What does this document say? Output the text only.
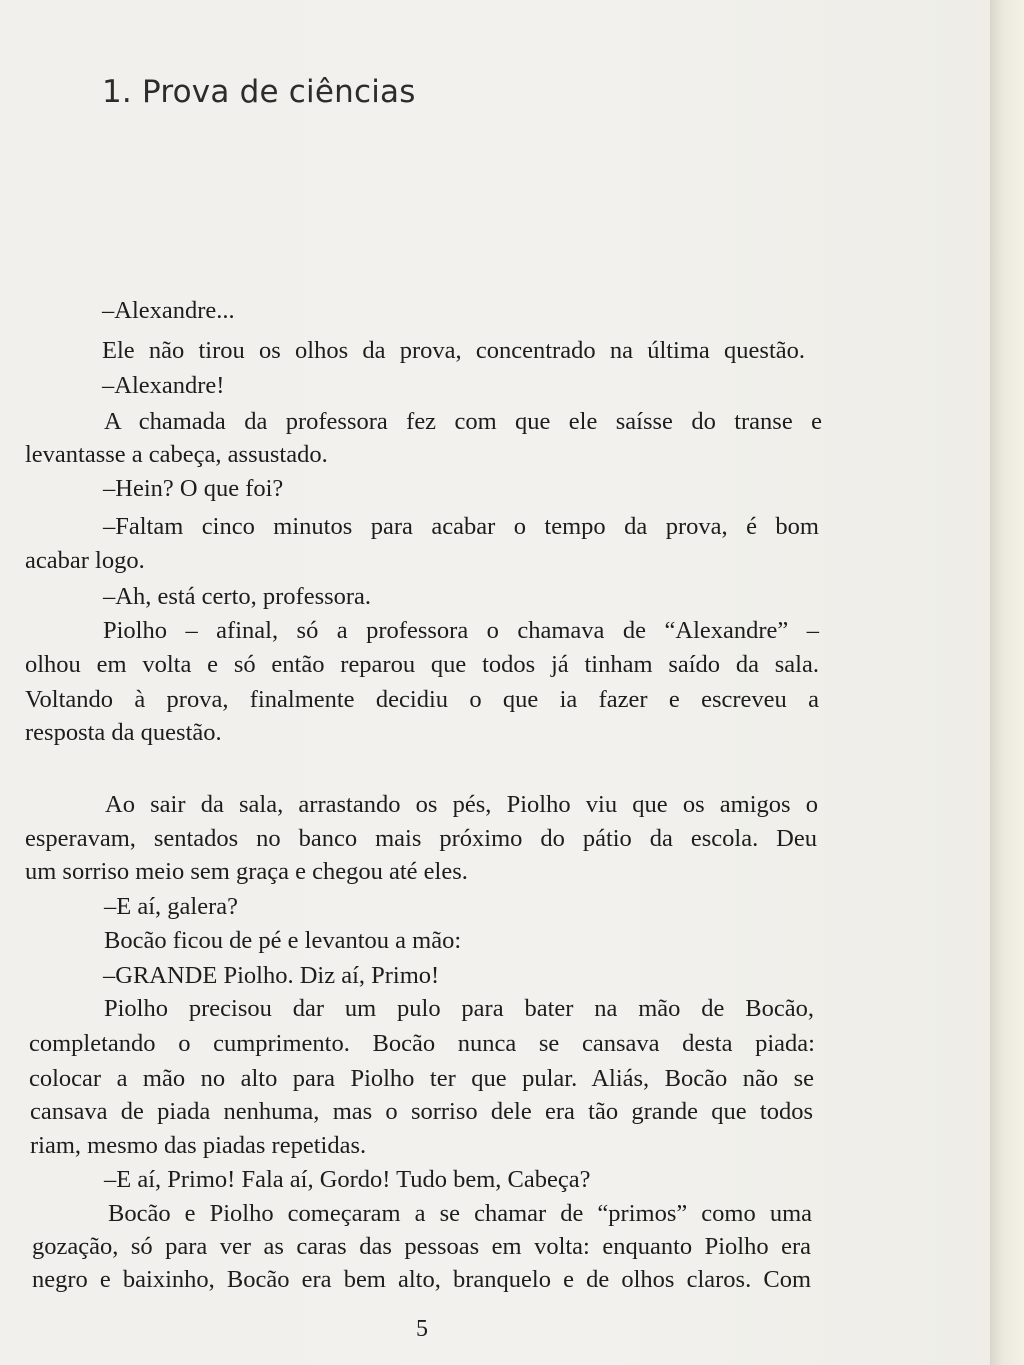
1. Prova de ciências
–Alexandre...
Ele não tirou os olhos da prova, concentrado na última questão.
–Alexandre!
A chamada da professora fez com que ele saísse do transe e
levantasse a cabeça, assustado.
–Hein? O que foi?
–Faltam cinco minutos para acabar o tempo da prova, é bom
acabar logo.
–Ah, está certo, professora.
Piolho – afinal, só a professora o chamava de “Alexandre” –
olhou em volta e só então reparou que todos já tinham saído da sala.
Voltando à prova, finalmente decidiu o que ia fazer e escreveu a
resposta da questão.
Ao sair da sala, arrastando os pés, Piolho viu que os amigos o
esperavam, sentados no banco mais próximo do pátio da escola. Deu
um sorriso meio sem graça e chegou até eles.
–E aí, galera?
Bocão ficou de pé e levantou a mão:
–GRANDE Piolho. Diz aí, Primo!
Piolho precisou dar um pulo para bater na mão de Bocão,
completando o cumprimento. Bocão nunca se cansava desta piada:
colocar a mão no alto para Piolho ter que pular. Aliás, Bocão não se
cansava de piada nenhuma, mas o sorriso dele era tão grande que todos
riam, mesmo das piadas repetidas.
–E aí, Primo! Fala aí, Gordo! Tudo bem, Cabeça?
Bocão e Piolho começaram a se chamar de “primos” como uma
gozação, só para ver as caras das pessoas em volta: enquanto Piolho era
negro e baixinho, Bocão era bem alto, branquelo e de olhos claros. Com
5
